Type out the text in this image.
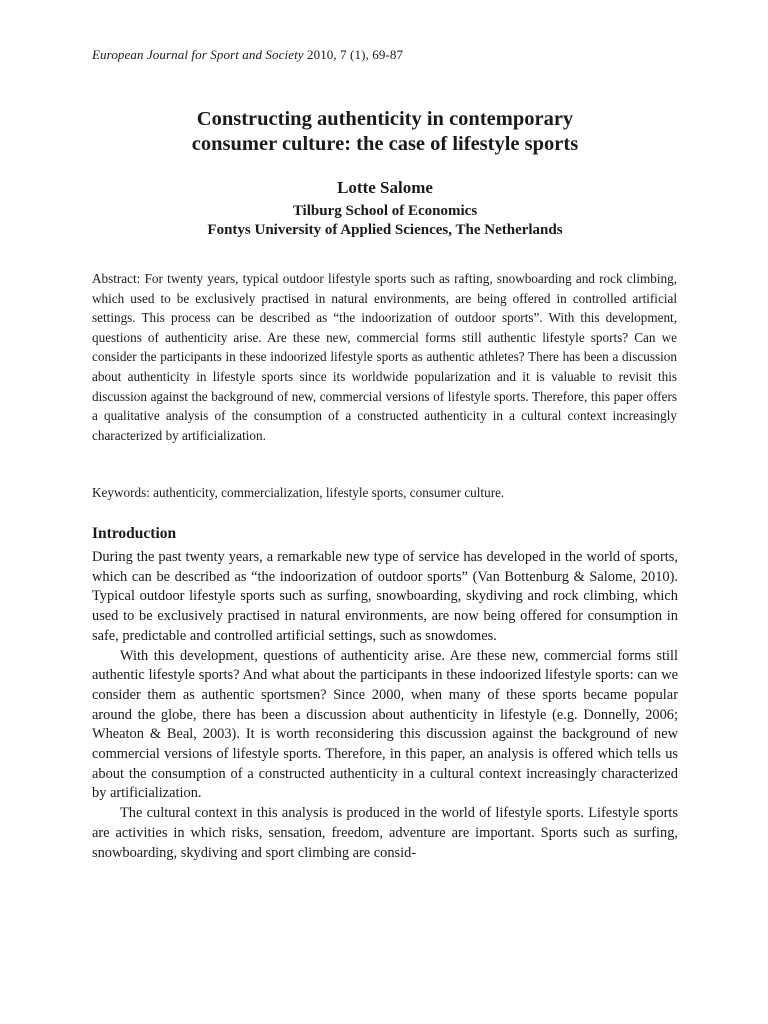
European Journal for Sport and Society 2010, 7 (1), 69-87
Constructing authenticity in contemporary
consumer culture: the case of lifestyle sports
Lotte Salome
Tilburg School of Economics
Fontys University of Applied Sciences, The Netherlands

Abstract: For twenty years, typical outdoor lifestyle sports such as rafting, snowboarding and rock climbing, which used to be exclusively practised in natural environments, are being offered in controlled artificial settings. This process can be described as “the indoorization of outdoor sports”. With this development, questions of authenticity arise. Are these new, commercial forms still authentic lifestyle sports? Can we consider the participants in these indoorized lifestyle sports as authentic athletes? There has been a discussion about authenticity in lifestyle sports since its worldwide popularization and it is valuable to revisit this discussion against the background of new, commercial versions of lifestyle sports. Therefore, this paper offers a qualitative analysis of the consumption of a constructed authenticity in a cultural context increasingly characterized by artificialization.

Keywords: authenticity, commercialization, lifestyle sports, consumer culture.

Introduction

During the past twenty years, a remarkable new type of service has developed in the world of sports, which can be described as “the indoorization of outdoor sports” (Van Bottenburg & Salome, 2010). Typical outdoor lifestyle sports such as surfing, snowboarding, skydiving and rock climbing, which used to be exclusively practised in natural environments, are now being offered for consumption in safe, predictable and controlled artificial settings, such as snowdomes.

With this development, questions of authenticity arise. Are these new, commercial forms still authentic lifestyle sports? And what about the participants in these indoorized lifestyle sports: can we consider them as authentic sportsmen? Since 2000, when many of these sports became popular around the globe, there has been a discussion about authenticity in lifestyle (e.g. Donnelly, 2006; Wheaton & Beal, 2003). It is worth reconsidering this discussion against the background of new commercial versions of lifestyle sports. Therefore, in this paper, an analysis is offered which tells us about the consumption of a constructed authenticity in a cultural context increasingly characterized by artificialization.

The cultural context in this analysis is produced in the world of lifestyle sports. Lifestyle sports are activities in which risks, sensation, freedom, adventure are important. Sports such as surfing, snowboarding, skydiving and sport climbing are consid-
